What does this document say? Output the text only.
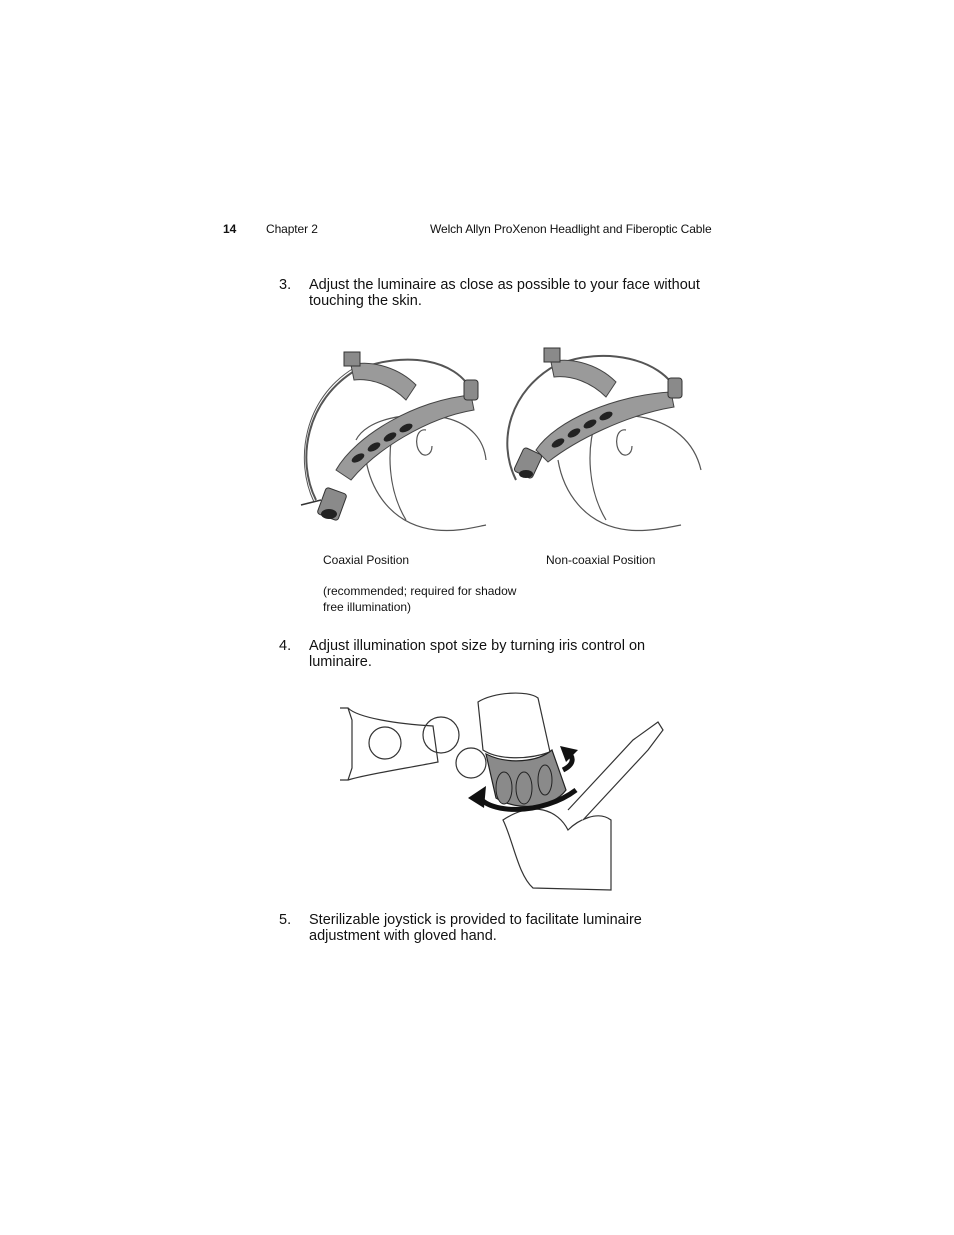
14 Chapter 2	Welch Allyn ProXenon Headlight and Fiberoptic Cable
3. Adjust the luminaire as close as possible to your face without
touching the skin.
Coaxial Position	Non-coaxial Position
(recommended; required for shadow
free illumination)
4. Adjust illumination spot size by turning iris control on
luminaire.
5. Sterilizable joystick is provided to facilitate luminaire
adjustment with gloved hand.
